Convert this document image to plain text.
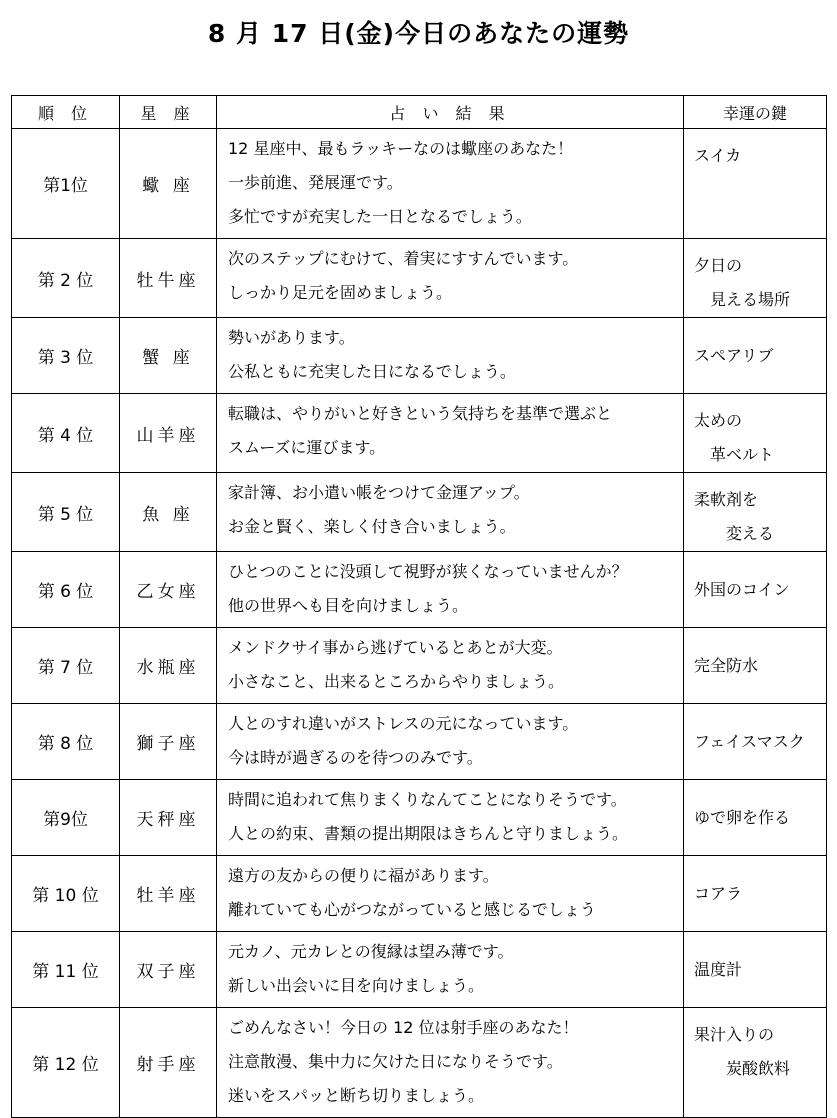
8 月 17 日(金)今日のあなたの運勢
順 位	星 座	占 い 結 果	幸運の鍵
第1位	蠍 座	12 星座中、最もラッキーなのは蠍座のあなた！
一歩前進、発展運です。
多忙ですが充実した一日となるでしょう。	スイカ

第 2 位	牡牛座	次のステップにむけて、着実にすすんでいます。
しっかり足元を固めましょう。	夕日の
　見える場所

第 3 位	蟹 座	勢いがあります。
公私ともに充実した日になるでしょう。	スペアリブ

第 4 位	山羊座	転職は、やりがいと好きという気持ちを基準で選ぶと
スムーズに運びます。	太めの
　革ベルト

第 5 位	魚 座	家計簿、お小遣い帳をつけて金運アップ。
お金と賢く、楽しく付き合いましょう。	柔軟剤を
　　変える

第 6 位	乙女座	ひとつのことに没頭して視野が狭くなっていませんか？
他の世界へも目を向けましょう。	外国のコイン

第 7 位	水瓶座	メンドクサイ事から逃げているとあとが大変。
小さなこと、出来るところからやりましょう。	完全防水

第 8 位	獅子座	人とのすれ違いがストレスの元になっています。
今は時が過ぎるのを待つのみです。	フェイスマスク

第9位	天秤座	時間に追われて焦りまくりなんてことになりそうです。
人との約束、書類の提出期限はきちんと守りましょう。	ゆで卵を作る

第 10 位	牡羊座	遠方の友からの便りに福があります。
離れていても心がつながっていると感じるでしょう	コアラ

第 11 位	双子座	元カノ、元カレとの復縁は望み薄です。
新しい出会いに目を向けましょう。	温度計

第 12 位	射手座	ごめんなさい！今日の 12 位は射手座のあなた！
注意散漫、集中力に欠けた日になりそうです。
迷いをスパッと断ち切りましょう。	果汁入りの
　　炭酸飲料
